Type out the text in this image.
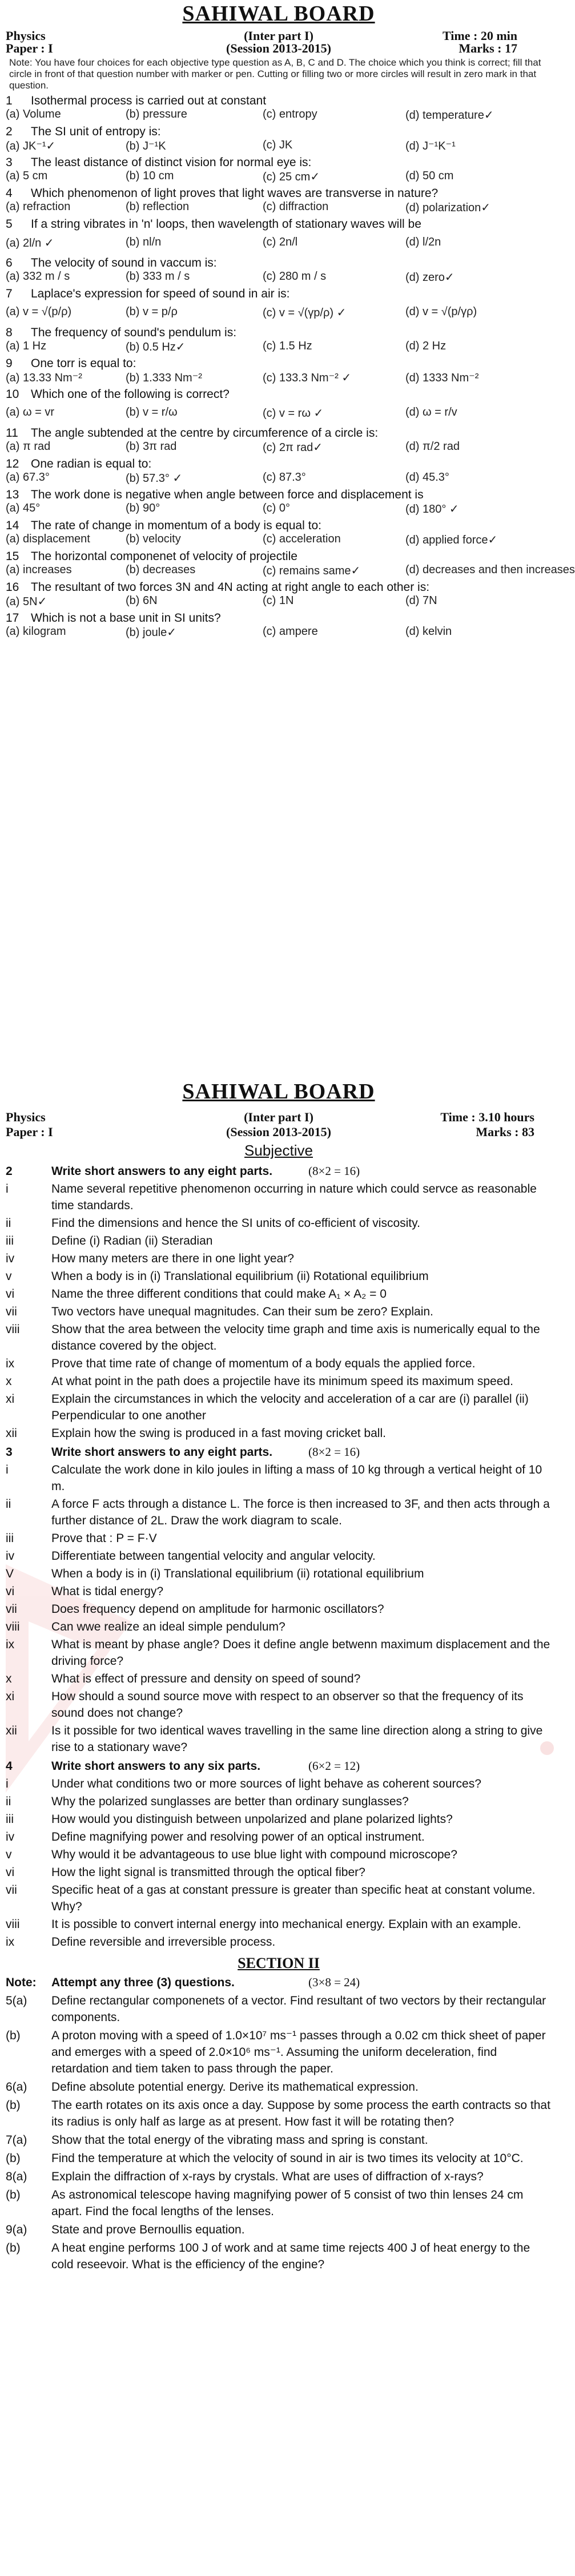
SAHIWAL BOARD
Physics	(Inter part I)	Time : 20 min
Paper : I	(Session 2013-2015)	Marks : 17
Note: You have four choices for each objective type question as A, B, C and D. The choice which you think is correct; fill that circle in front of that question number with marker or pen. Cutting or filling two or more circles will result in zero mark in that question.
1	Isothermal process is carried out at constant
(a) Volume	(b) pressure	(c) entropy	(d) temperature✓
2	The SI unit of entropy is:
(a) JK⁻¹✓	(b) J⁻¹K	(c) JK	(d) J⁻¹K⁻¹
3	The least distance of distinct vision for normal eye is:
(a) 5 cm	(b) 10 cm	(c) 25 cm✓	(d) 50 cm
4	Which phenomenon of light proves that light waves are transverse in nature?
(a) refraction	(b) reflection	(c) diffraction	(d) polarization✓
5	If a string vibrates in 'n' loops, then wavelength of stationary waves will be
(a) 2l/n ✓	(b) nl/n	(c) 2n/l	(d) l/2n
6	The velocity of sound in vaccum is:
(a) 332 m / s	(b) 333 m / s	(c) 280 m / s	(d) zero✓
7	Laplace's expression for speed of sound in air is:
(a) v = √(p/ρ)	(b) v = p/ρ	(c) v = √(γp/ρ) ✓	(d) v = √(p/γρ)
8	The frequency of sound's pendulum is:
(a) 1 Hz	(b) 0.5 Hz✓	(c) 1.5 Hz	(d) 2 Hz
9	One torr is equal to:
(a) 13.33 Nm⁻²	(b) 1.333 Nm⁻²	(c) 133.3 Nm⁻² ✓	(d) 1333 Nm⁻²
10 Which one of the following is correct?
(a) ω = vr	(b) v = r/ω	(c) v = rω ✓	(d) ω = r/v
11	The angle subtended at the centre by circumference of a circle is:
(a) π rad	(b) 3π rad	(c) 2π rad✓	(d) π/2 rad
12 One radian is equal to:
(a) 67.3°	(b) 57.3° ✓	(c) 87.3°	(d) 45.3°
13 The work done is negative when angle between force and displacement is
(a) 45°	(b) 90°	(c) 0°	(d) 180° ✓
14 The rate of change in momentum of a body is equal to:
(a) displacement	(b) velocity	(c) acceleration	(d) applied force✓
15 The horizontal componenet of velocity of projectile
(a) increases	(b) decreases	(c) remains same✓	(d) decreases and then increases
16 The resultant of two forces 3N and 4N acting at right angle to each other is:
(a) 5N✓	(b) 6N	(c) 1N	(d) 7N
17 Which is not a base unit in SI units?
(a) kilogram	(b) joule✓	(c) ampere	(d) kelvin
SAHIWAL BOARD
Physics	(Inter part I)	Time : 3.10 hours
Paper : I	(Session 2013-2015)	Marks : 83
Subjective
2	Write short answers to any eight parts.	(8×2 = 16)
i	Name several repetitive phenomenon occurring in nature which could servce as reasonable time standards.
ii	Find the dimensions and hence the SI units of co-efficient of viscosity.
iii	Define (i) Radian (ii) Steradian
iv	How many meters are there in one light year?
v	When a body is in (i) Translational equilibrium (ii) Rotational equilibrium
vi	Name the three different conditions that could make A₁ × A₂ = 0
vii	Two vectors have unequal magnitudes. Can their sum be zero? Explain.
viii	Show that the area between the velocity time graph and time axis is numerically equal to the distance covered by the object.
ix	Prove that time rate of change of momentum of a body equals the applied force.
x	At what point in the path does a projectile have its minimum speed its maximum speed.
xi	Explain the circumstances in which the velocity and acceleration of a car are (i) parallel (ii) Perpendicular to one another
xii	Explain how the swing is produced in a fast moving cricket ball.
3	Write short answers to any eight parts.	(8×2 = 16)
i	Calculate the work done in kilo joules in lifting a mass of 10 kg through a vertical height of 10 m.
ii	A force F acts through a distance L. The force is then increased to 3F, and then acts through a further distance of 2L. Draw the work diagram to scale.
iii	Prove that : P = F·V
iv	Differentiate between tangential velocity and angular velocity.
V	When a body is in (i) Translational equilibrium (ii) rotational equilibrium
vi	What is tidal energy?
vii	Does frequency depend on amplitude for harmonic oscillators?
viii	Can wwe realize an ideal simple pendulum?
ix	What is meant by phase angle? Does it define angle betwenn maximum displacement and the driving force?
x	What is effect of pressure and density on speed of sound?
xi	How should a sound source move with respect to an observer so that the frequency of its sound does not change?
xii	Is it possible for two identical waves travelling in the same line direction along a string to give rise to a stationary wave?
4	Write short answers to any six parts.	(6×2 = 12)
i	Under what conditions two or more sources of light behave as coherent sources?
ii	Why the polarized sunglasses are better than ordinary sunglasses?
iii	How would you distinguish between unpolarized and plane polarized lights?
iv	Define magnifying power and resolving power of an optical instrument.
v	Why would it be advantageous to use blue light with compound microscope?
vi	How the light signal is transmitted through the optical fiber?
vii	Specific heat of a gas at constant pressure is greater than specific heat at constant volume. Why?
viii	It is possible to convert internal energy into mechanical energy. Explain with an example.
ix	Define reversible and irreversible process.
SECTION II
Note:	Attempt any three (3) questions.	(3×8 = 24)
5(a)	Define rectangular componenets of a vector. Find resultant of two vectors by their rectangular components.
(b)	A proton moving with a speed of 1.0×10⁷ ms⁻¹ passes through a 0.02 cm thick sheet of paper and emerges with a speed of 2.0×10⁶ ms⁻¹. Assuming the uniform deceleration, find retardation and tiem taken to pass through the paper.
6(a)	Define absolute potential energy. Derive its mathematical expression.
(b)	The earth rotates on its axis once a day. Suppose by some process the earth contracts so that its radius is only half as large as at present. How fast it will be rotating then?
7(a)	Show that the total energy of the vibrating mass and spring is constant.
(b)	Find the temperature at which the velocity of sound in air is two times its velocity at 10°C.
8(a)	Explain the diffraction of x-rays by crystals. What are uses of diffraction of x-rays?
(b)	As astronomical telescope having magnifying power of 5 consist of two thin lenses 24 cm apart. Find the focal lengths of the lenses.
9(a)	State and prove Bernoullis equation.
(b)	A heat engine performs 100 J of work and at same time rejects 400 J of heat energy to the cold reseevoir. What is the efficiency of the engine?
